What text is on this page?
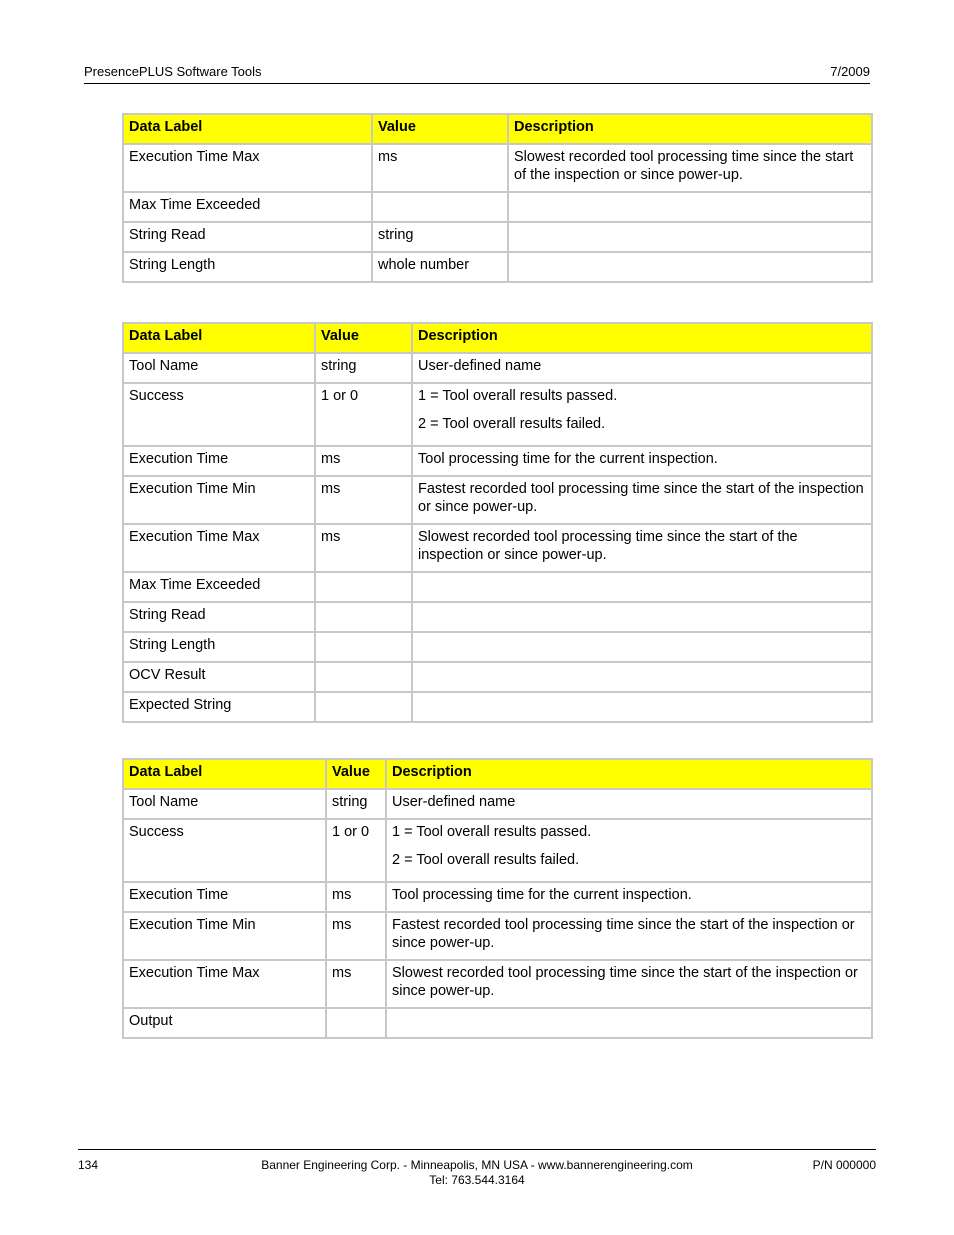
PresencePLUS Software Tools	7/2009
Data Label	Value	Description
Execution Time Max	ms	Slowest recorded tool processing time since the start of the inspection or since power-up.
Max Time Exceeded		
String Read	string	
String Length	whole number	
Data Label	Value	Description
Tool Name	string	User-defined name
Success	1 or 0	1 = Tool overall results passed.

2 = Tool overall results failed.

Execution Time	ms	Tool processing time for the current inspection.
Execution Time Min	ms	Fastest recorded tool processing time since the start of the inspection or since power-up.
Execution Time Max	ms	Slowest recorded tool processing time since the start of the inspection or since power-up.
Max Time Exceeded		
String Read		
String Length		
OCV Result		
Expected String		
Data Label	Value	Description
Tool Name	string	User-defined name
Success	1 or 0	1 = Tool overall results passed.

2 = Tool overall results failed.

Execution Time	ms	Tool processing time for the current inspection.
Execution Time Min	ms	Fastest recorded tool processing time since the start of the inspection or since power-up.
Execution Time Max	ms	Slowest recorded tool processing time since the start of the inspection or since power-up.
Output		
134	Banner Engineering Corp. - Minneapolis, MN USA - www.bannerengineering.com
Tel: 763.544.3164
P/N 000000
